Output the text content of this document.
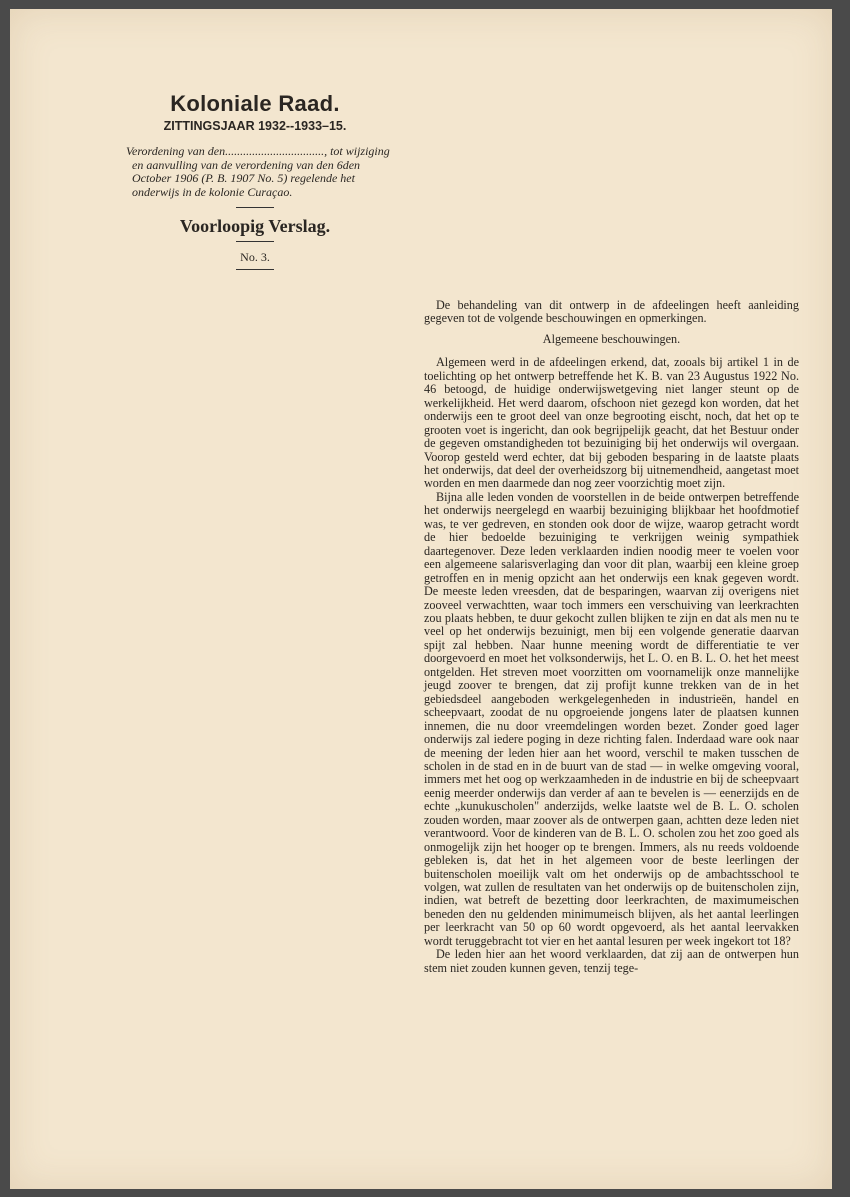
Koloniale Raad.
ZITTINGSJAAR 1932--1933–15.
Verordening van den................................., tot wijziging en aanvulling van de verordening van den 6den October 1906 (P. B. 1907 No. 5) regelende het onderwijs in de kolonie Curaçao.
Voorloopig Verslag.
No. 3.

De behandeling van dit ontwerp in de afdeelingen heeft aanleiding gegeven tot de volgende beschouwingen en opmerkingen.

Algemeene beschouwingen.

Algemeen werd in de afdeelingen erkend, dat, zooals bij artikel 1 in de toelichting op het ontwerp betreffende het K. B. van 23 Augustus 1922 No. 46 betoogd, de huidige onderwijswetgeving niet langer steunt op de werkelijkheid. Het werd daarom, ofschoon niet gezegd kon worden, dat het onderwijs een te groot deel van onze begrooting eischt, noch, dat het op te grooten voet is ingericht, dan ook begrijpelijk geacht, dat het Bestuur onder de gegeven omstandigheden tot bezuiniging bij het onderwijs wil overgaan. Voorop gesteld werd echter, dat bij geboden besparing in de laatste plaats het onderwijs, dat deel der overheidszorg bij uitnemendheid, aangetast moet worden en men daarmede dan nog zeer voorzichtig moet zijn.

Bijna alle leden vonden de voorstellen in de beide ontwerpen betreffende het onderwijs neergelegd en waarbij bezuiniging blijkbaar het hoofdmotief was, te ver gedreven, en stonden ook door de wijze, waarop getracht wordt de hier bedoelde bezuiniging te verkrijgen weinig sympathiek daartegenover. Deze leden verklaarden indien noodig meer te voelen voor een algemeene salarisverlaging dan voor dit plan, waarbij een kleine groep getroffen en in menig opzicht aan het onderwijs een knak gegeven wordt. De meeste leden vreesden, dat de besparingen, waarvan zij overigens niet zooveel verwachtten, waar toch immers een verschuiving van leerkrachten zou plaats hebben, te duur gekocht zullen blijken te zijn en dat als men nu te veel op het onderwijs bezuinigt, men bij een volgende generatie daarvan spijt zal hebben. Naar hunne meening wordt de differentiatie te ver doorgevoerd en moet het volksonderwijs, het L. O. en B. L. O. het het meest ontgelden. Het streven moet voorzitten om voornamelijk onze mannelijke jeugd zoover te brengen, dat zij profijt kunne trekken van de in het gebiedsdeel aangeboden werkgelegenheden in industrieën, handel en scheepvaart, zoodat de nu opgroeiende jongens later de plaatsen kunnen innemen, die nu door vreemdelingen worden bezet. Zonder goed lager onderwijs zal iedere poging in deze richting falen. Inderdaad ware ook naar de meening der leden hier aan het woord, verschil te maken tusschen de scholen in de stad en in de buurt van de stad — in welke omgeving vooral, immers met het oog op werkzaamheden in de industrie en bij de scheepvaart eenig meerder onderwijs dan verder af aan te bevelen is — eenerzijds en de echte „kunukuscholen" anderzijds, welke laatste wel de B. L. O. scholen zouden worden, maar zoover als de ontwerpen gaan, achtten deze leden niet verantwoord. Voor de kinderen van de B. L. O. scholen zou het zoo goed als onmogelijk zijn het hooger op te brengen. Immers, als nu reeds voldoende gebleken is, dat het in het algemeen voor de beste leerlingen der buitenscholen moeilijk valt om het onderwijs op de ambachtsschool te volgen, wat zullen de resultaten van het onderwijs op de buitenscholen zijn, indien, wat betreft de bezetting door leerkrachten, de maximumeischen beneden den nu geldenden minimumeisch blijven, als het aantal leerlingen per leerkracht van 50 op 60 wordt opgevoerd, als het aantal leervakken wordt teruggebracht tot vier en het aantal lesuren per week ingekort tot 18?

De leden hier aan het woord verklaarden, dat zij aan de ontwerpen hun stem niet zouden kunnen geven, tenzij tege-
